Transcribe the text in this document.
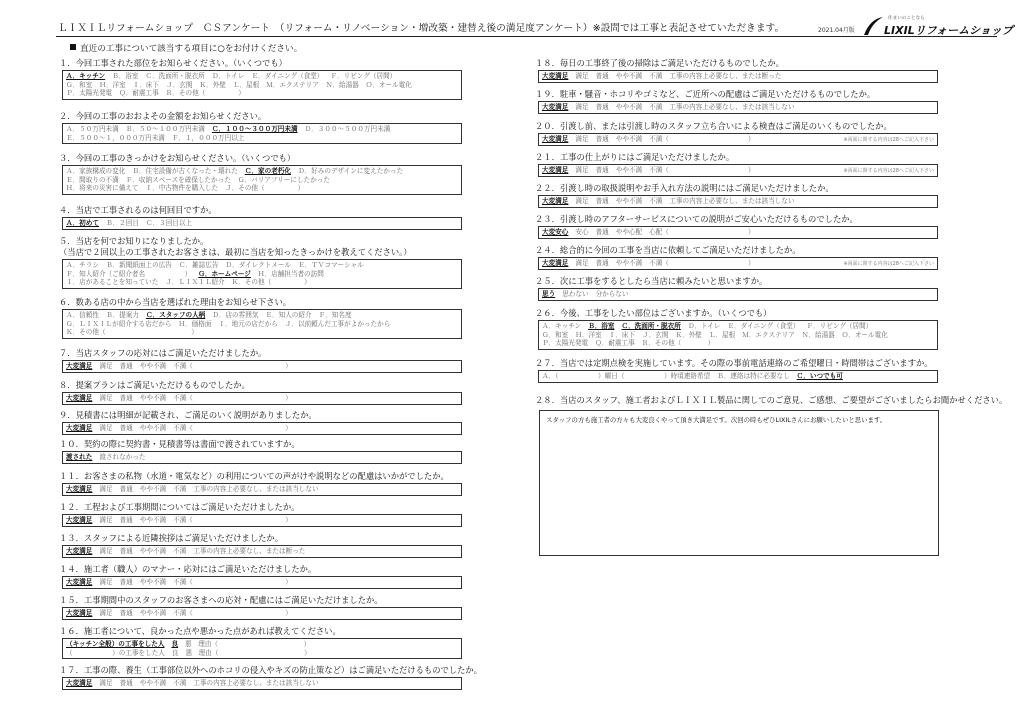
ＬＩＸＩＬリフォームショップ　ＣＳアンケート　（リフォーム・リノベーション・増改築・建替え後の満足度アンケート）※設問では工事と表記させていただきます。	2021.04月版
住まいのことなら
LIXILリフォームショップ
直近の工事について該当する項目に○をお付けください。
１．今回工事された部位をお知らせください。（いくつでも）
Ａ．キッチン Ｂ．浴室 Ｃ．洗面所・脱衣所 Ｄ．トイレ Ｅ．ダイニング（食堂） Ｆ．リビング（居間）
Ｇ．和室 Ｈ．洋室 Ｉ．床下 Ｊ．玄関 Ｋ．外壁 Ｌ．屋根 Ｍ．エクステリア Ｎ．給湯器 Ｏ．オール電化
Ｐ．太陽光発電 Ｑ．耐震工事 Ｒ．その他（　　　　　）
２．今回の工事のおおよその金額をお知らせください。
Ａ．５０万円未満 Ｂ．５０～１００万円未満 Ｃ．１００～３００万円未満 Ｄ．３００～５００万円未満
Ｅ．５００～１，０００万円未満 Ｆ．１，０００万円以上
３．今回の工事のきっかけをお知らせください。（いくつでも）
Ａ．家族構成の変化 Ｂ．住宅設備が古くなった・壊れた Ｃ．家の老朽化 Ｄ．好みのデザインに変えたかった
Ｅ．間取りの不満 Ｆ．収納スペースを確保したかった Ｇ．バリアフリーにしたかった
Ｈ．将来の災害に備えて Ｉ．中古物件を購入した Ｊ．その他（　　　　　）
４．当店で工事されるのは何回目ですか。
Ａ．初めて Ｂ．２回目 Ｃ．３回目以上
５．当店を何でお知りになりましたか。
（当店で２回以上の工事されたお客さまは、最初に当店を知ったきっかけを教えてください。）
Ａ．チラシ Ｂ．新聞紙面上の広告 Ｃ．雑誌広告 Ｄ．ダイレクトメール Ｅ．ＴＶコマーシャル
Ｆ．知人紹介（ご紹介者名　　　　　　） Ｇ．ホームページ Ｈ．店舗担当者の訪問
Ｉ．店があることを知っていた Ｊ．ＬＩＸＩＬ紹介 Ｋ．その他（　　　　　）
６．数ある店の中から当店を選ばれた理由をお知らせ下さい。
Ａ．信頼性 Ｂ．提案力 Ｃ．スタッフの人柄 Ｄ．店の雰囲気 Ｅ．知人の紹介 Ｆ．知名度
Ｇ．ＬＩＸＩＬが紹介する店だから Ｈ．価格面 Ｉ．地元の店だから Ｊ．以前頼んだ工事がよかったから
Ｋ．その他（　　　　　　　　　　　　　）
７．当店スタッフの応対にはご満足いただけましたか。
大変満足 満足 普通 やや不満 不満（　　　　　　　　　　　　　　）
８．提案プランはご満足いただけるものでしたか。
大変満足 満足 普通 やや不満 不満（　　　　　　　　　　　　　　）
９．見積書には明細が記載され、ご満足のいく説明がありましたか。
大変満足 満足 普通 やや不満 不満（　　　　　　　　　　　　　　）
１０．契約の際に契約書・見積書等は書面で渡されていますか。
渡された 渡されなかった
１１．お客さまの私物（水道・電気など）の利用についての声がけや説明などの配慮はいかがでしたか。
大変満足 満足 普通 やや不満 不満 工事の内容上必要なし、または該当しない
１２．工程および工事期間についてはご満足いただけましたか。
大変満足 満足 普通 やや不満 不満（　　　　　　　　　　　　　　）
１３．スタッフによる近隣挨拶はご満足いただけましたか。
大変満足 満足 普通 やや不満 不満 工事の内容上必要なし、または断った
１４．施工者（職人）のマナー・応対にはご満足いただけましたか。
大変満足 満足 普通 やや不満 不満（　　　　　　　　　　　　　　）
１５．工事期間中のスタッフのお客さまへの応対・配慮にはご満足いただけましたか。
大変満足 満足 普通 やや不満 不満（　　　　　　　　　　　　　　）
１６．施工者について、良かった点や悪かった点があれば教えてください。
（キッチン全般）の工事をした人 良 悪　理由（　　　　　　　　　　　　　）
（　　　　　　）の工事をした人 良 悪　理由（　　　　　　　　　　　　　）
１７．工事の際、養生（工事部位以外へのホコリの侵入やキズの防止策など）はご満足いただけるものでしたか。
大変満足 満足 普通 やや不満 不満 工事の内容上必要なし、または該当しない
１８．毎日の工事終了後の掃除はご満足いただけるものでしたか。
大変満足 満足 普通 やや不満 不満 工事の内容上必要なし、または断った
１９．駐車・騒音・ホコリやゴミなど、ご近所への配慮はご満足いただけるものでしたか。
大変満足 満足 普通 やや不満 不満 工事の内容上必要なし、または該当しない
２０．引渡し前、または引渡し時のスタッフ立ち合いによる検査はご満足のいくものでしたか。
※両面に関する内容は28へご記入下さい
大変満足 満足 普通 やや不満 不満（　　　　　　　　　　　　）
２１．工事の仕上がりにはご満足いただけましたか。
※両面に関する内容は28へご記入下さい
大変満足 満足 普通 やや不満 不満（　　　　　　　　　　　　）
２２．引渡し時の取扱説明やお手入れ方法の説明にはご満足いただけましたか。
大変満足 満足 普通 やや不満 不満 工事の内容上必要なし、または該当しない
２３．引渡し時のアフターサービスについての説明がご安心いただけるものでしたか。
大変安心 安心 普通 やや心配 心配（　　　　　　　　　　　　）
２４．総合的に今回の工事を当店に依頼してご満足いただけましたか。
※両面に関する内容は28へご記入下さい
大変満足 満足 普通 やや不満 不満（　　　　　　　　　　　　）
２５．次に工事をするとしたら当店に頼みたいと思いますか。
思う 思わない 分からない
２６．今後、工事をしたい部位はございますか。（いくつでも）
Ａ．キッチン Ｂ．浴室 Ｃ．洗面所・脱衣所 Ｄ．トイレ Ｅ．ダイニング（食堂） Ｆ．リビング（居間）
Ｇ．和室 Ｈ．洋室 Ｉ．床下 Ｊ．玄関 Ｋ．外壁 Ｌ．屋根 Ｍ．エクステリア Ｎ．給湯器 Ｏ．オール電化
Ｐ．太陽光発電 Ｑ．耐震工事 Ｒ．その他（　　　　）
２７．当店では定期点検を実施しています。その際の事前電話連絡のご希望曜日・時間帯はございますか。
Ａ．（　　　　　　）曜日（　　　　　　）時頃連絡希望 Ｂ．連絡は特に必要なし Ｃ．いつでも可
２８．当店のスタッフ、施工者およびＬＩＸＩＬ製品に関してのご意見、ご感想、ご要望がございましたらお聞かせください。
スタッフの方も施工者の方々も大変良くやって頂き大満足です。次回の時もぜひLIXILさんにお願いしたいと思います。
